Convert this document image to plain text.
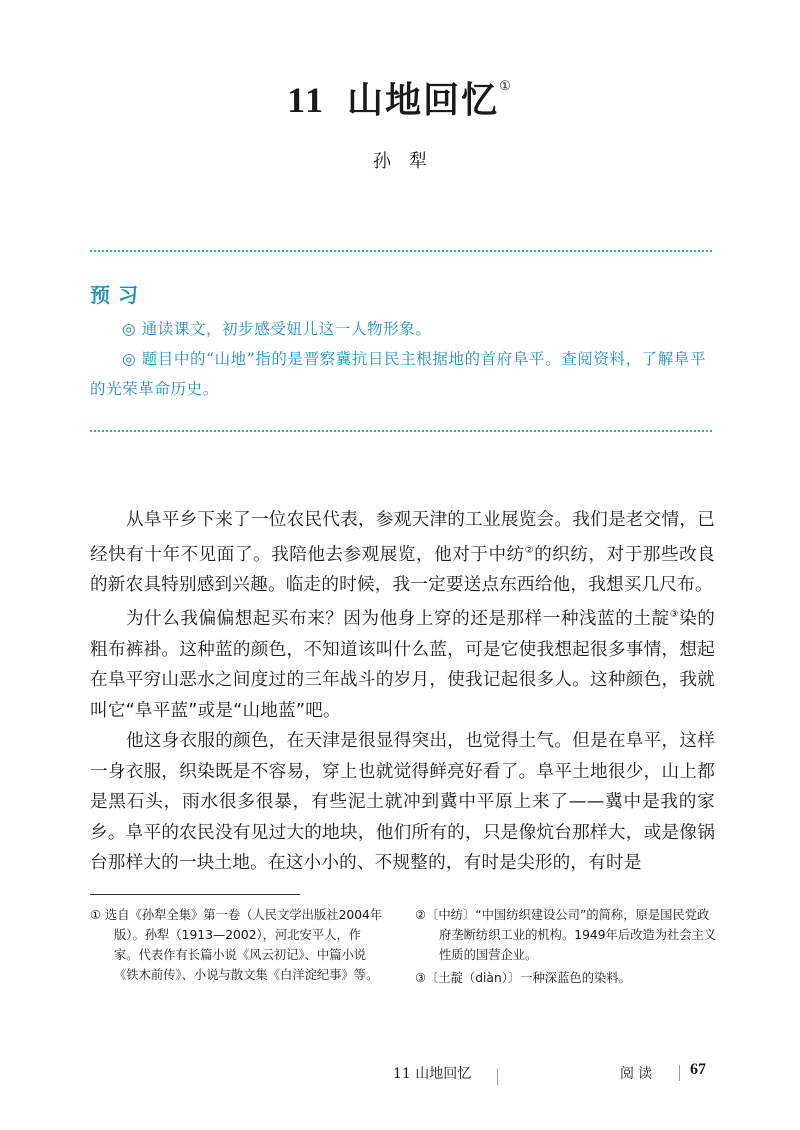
11 山地回忆①
孙犁
预习

◎ 通读课文，初步感受妞儿这一人物形象。

◎ 题目中的“山地”指的是晋察冀抗日民主根据地的首府阜平。查阅资料，了解阜平的光荣革命历史。

从阜平乡下来了一位农民代表，参观天津的工业展览会。我们是老交情，已经快有十年不见面了。我陪他去参观展览，他对于中纺②的织纺，对于那些改良的新农具特别感到兴趣。临走的时候，我一定要送点东西给他，我想买几尺布。

为什么我偏偏想起买布来？因为他身上穿的还是那样一种浅蓝的土靛③染的粗布裤褂。这种蓝的颜色，不知道该叫什么蓝，可是它使我想起很多事情，想起在阜平穷山恶水之间度过的三年战斗的岁月，使我记起很多人。这种颜色，我就叫它“阜平蓝”或是“山地蓝”吧。

他这身衣服的颜色，在天津是很显得突出，也觉得土气。但是在阜平，这样一身衣服，织染既是不容易，穿上也就觉得鲜亮好看了。阜平土地很少，山上都是黑石头，雨水很多很暴，有些泥土就冲到冀中平原上来了——冀中是我的家乡。阜平的农民没有见过大的地块，他们所有的，只是像炕台那样大，或是像锅台那样大的一块土地。在这小小的、不规整的，有时是尖形的，有时是

① 选自《孙犁全集》第一卷（人民文学出版社2004年版）。孙犁（1913—2002），河北安平人，作家。代表作有长篇小说《风云初记》、中篇小说《铁木前传》、小说与散文集《白洋淀纪事》等。

②〔中纺〕“中国纺织建设公司”的简称，原是国民党政府垄断纺织工业的机构。1949年后改造为社会主义性质的国营企业。

③〔土靛（diàn）〕一种深蓝色的染料。

11 山地回忆	阅读 67
